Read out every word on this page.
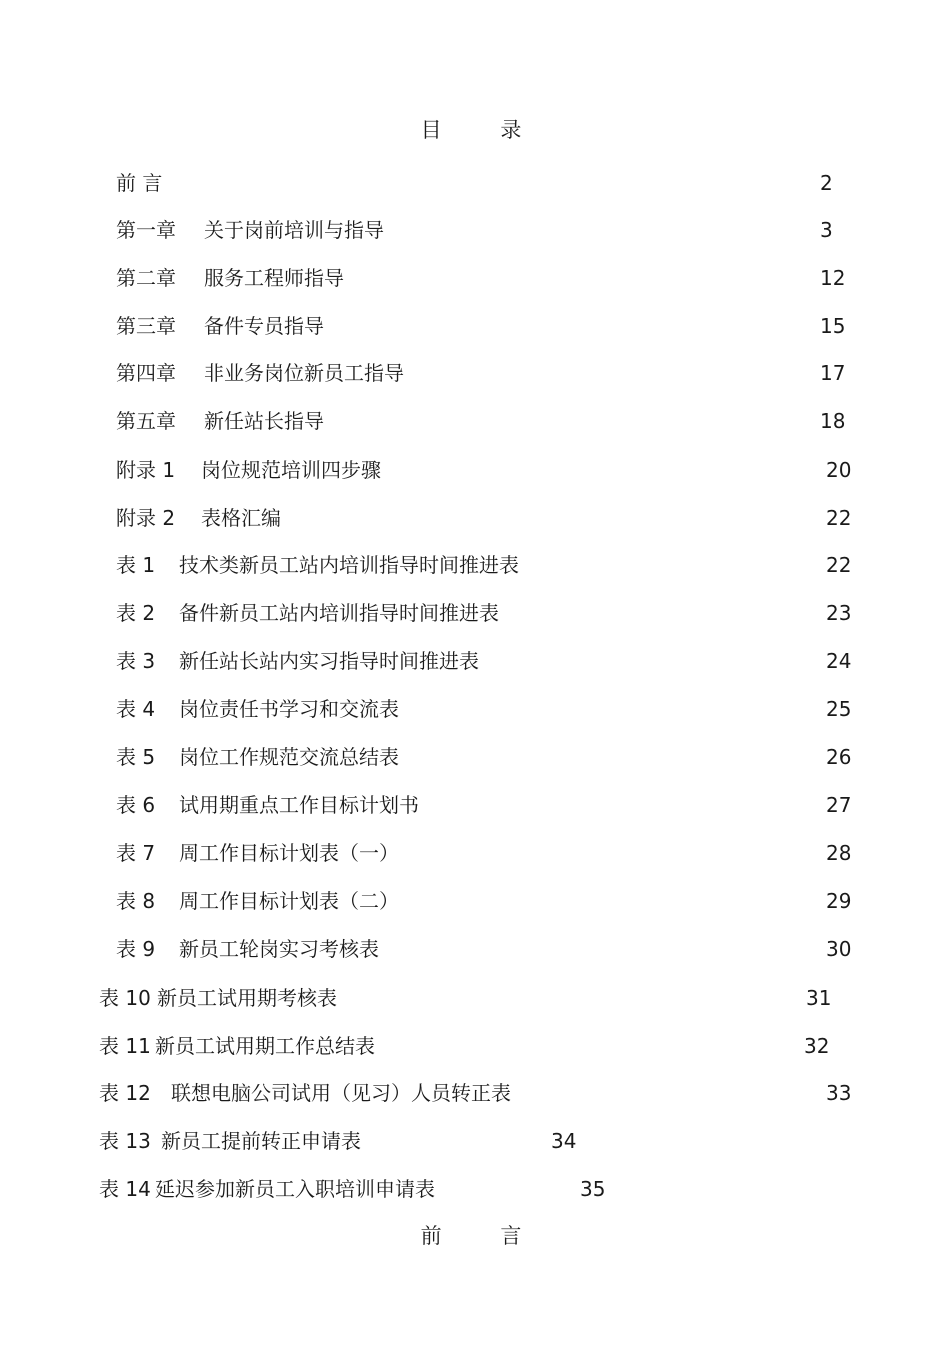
目 录
前 言	2
第一章 关于岗前培训与指导	3
第二章 服务工程师指导	12
第三章 备件专员指导	15
第四章 非业务岗位新员工指导	17
第五章 新任站长指导	18
附录 1 岗位规范培训四步骤	20
附录 2 表格汇编	22
表 1 技术类新员工站内培训指导时间推进表	22
表 2 备件新员工站内培训指导时间推进表	23
表 3 新任站长站内实习指导时间推进表	24
表 4 岗位责任书学习和交流表	25
表 5 岗位工作规范交流总结表	26
表 6 试用期重点工作目标计划书	27
表 7 周工作目标计划表（一）	28
表 8 周工作目标计划表（二）	29
表 9 新员工轮岗实习考核表	30
表 10 新员工试用期考核表	31
表 11 新员工试用期工作总结表	32
表 12 联想电脑公司试用（见习）人员转正表	33
表 13 新员工提前转正申请表	34
表 14 延迟参加新员工入职培训申请表	35
前 言
